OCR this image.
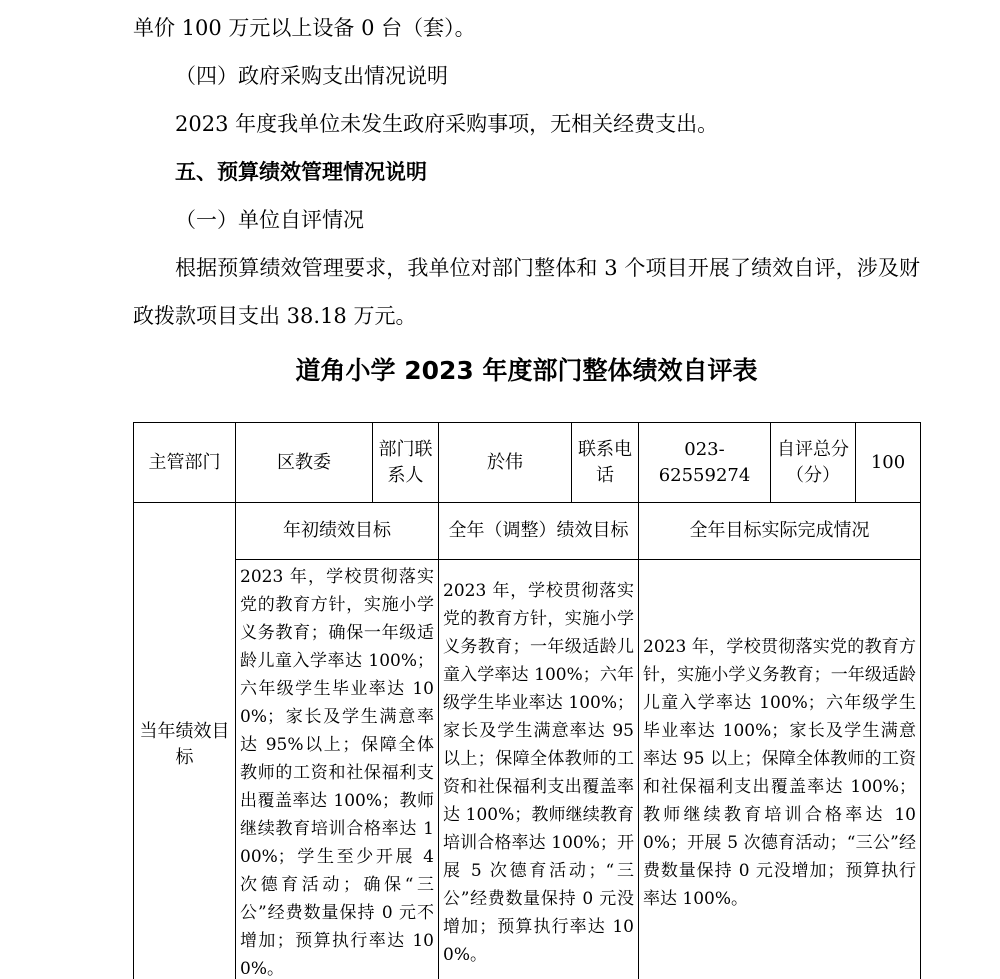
单价 100 万元以上设备 0 台（套）。

（四）政府采购支出情况说明

2023 年度我单位未发生政府采购事项，无相关经费支出。

五、预算绩效管理情况说明

（一）单位自评情况

根据预算绩效管理要求，我单位对部门整体和 3 个项目开展了绩效自评，涉及财政拨款项目支出 38.18 万元。

道角小学 2023 年度部门整体绩效自评表
主管部门	区教委	部门联系人	於伟	联系电话	023-62559274	自评总分（分）	100
当年绩效目标	年初绩效目标		全年（调整）绩效目标		全年目标实际完成情况		
	2023 年，学校贯彻落实党的教育方针，实施小学义务教育；确保一年级适龄儿童入学率达 100%；六年级学生毕业率达 100%；家长及学生满意率达 95%以上；保障全体教师的工资和社保福利支出覆盖率达 100%；教师继续教育培训合格率达 100%；学生至少开展 4 次德育活动；确保“三公”经费数量保持 0 元不增加；预算执行率达 100%。		2023 年，学校贯彻落实党的教育方针，实施小学义务教育；一年级适龄儿童入学率达 100%；六年级学生毕业率达 100%；家长及学生满意率达 95 以上；保障全体教师的工资和社保福利支出覆盖率达 100%；教师继续教育培训合格率达 100%；开展 5 次德育活动；“三公”经费数量保持 0 元没增加；预算执行率达 100%。		2023 年，学校贯彻落实党的教育方针，实施小学义务教育；一年级适龄儿童入学率达 100%；六年级学生毕业率达 100%；家长及学生满意率达 95 以上；保障全体教师的工资和社保福利支出覆盖率达 100%；教师继续教育培训合格率达 100%；开展 5 次德育活动；“三公”经费数量保持 0 元没增加；预算执行率达 100%。		
